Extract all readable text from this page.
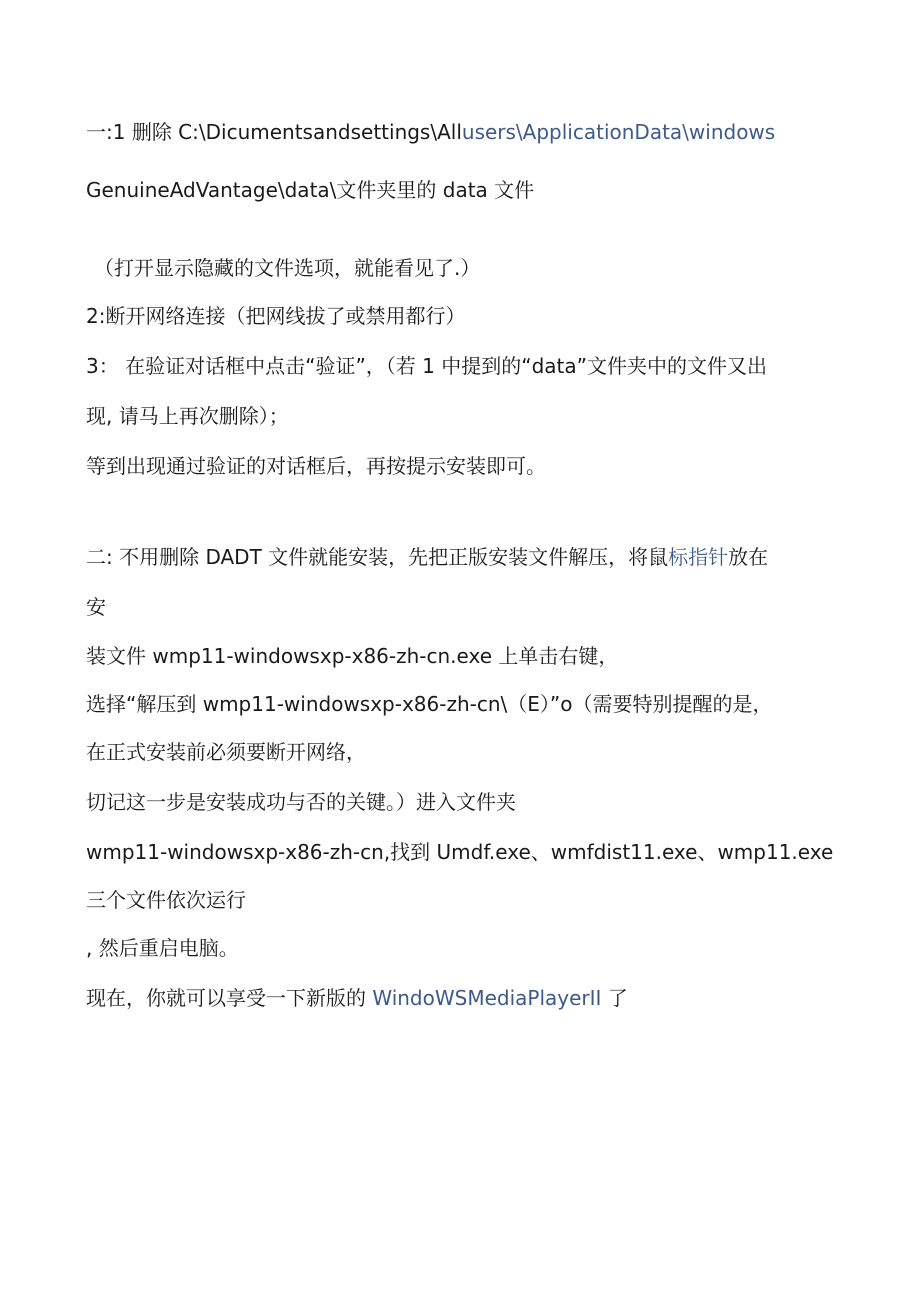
一:1 删除 C:\Dicumentsandsettings\Allusers\ApplicationData\windows
GenuineAdVantage\data\文件夹里的 data 文件
（打开显示隐藏的文件选项，就能看见了.）
2:断开网络连接（把网线拔了或禁用都行）
3： 在验证对话框中点击“验证”，（若 1 中提到的“data”文件夹中的文件又出
现, 请马上再次删除）；
等到出现通过验证的对话框后，再按提示安装即可。
二: 不用删除 DADT 文件就能安装，先把正版安装文件解压，将鼠标指针放在
安
装文件 wmp11-windowsxp-x86-zh-cn.exe 上单击右键，
选择“解压到 wmp11-windowsxp-x86-zh-cn\（E）”o（需要特别提醒的是，
在正式安装前必须要断开网络，
切记这一步是安装成功与否的关键。）进入文件夹
wmp11-windowsxp-x86-zh-cn,找到 Umdf.exe、wmfdist11.exe、wmp11.exe
三个文件依次运行
, 然后重启电脑。
现在，你就可以享受一下新版的 WindoWSMediaPlayerII 了
